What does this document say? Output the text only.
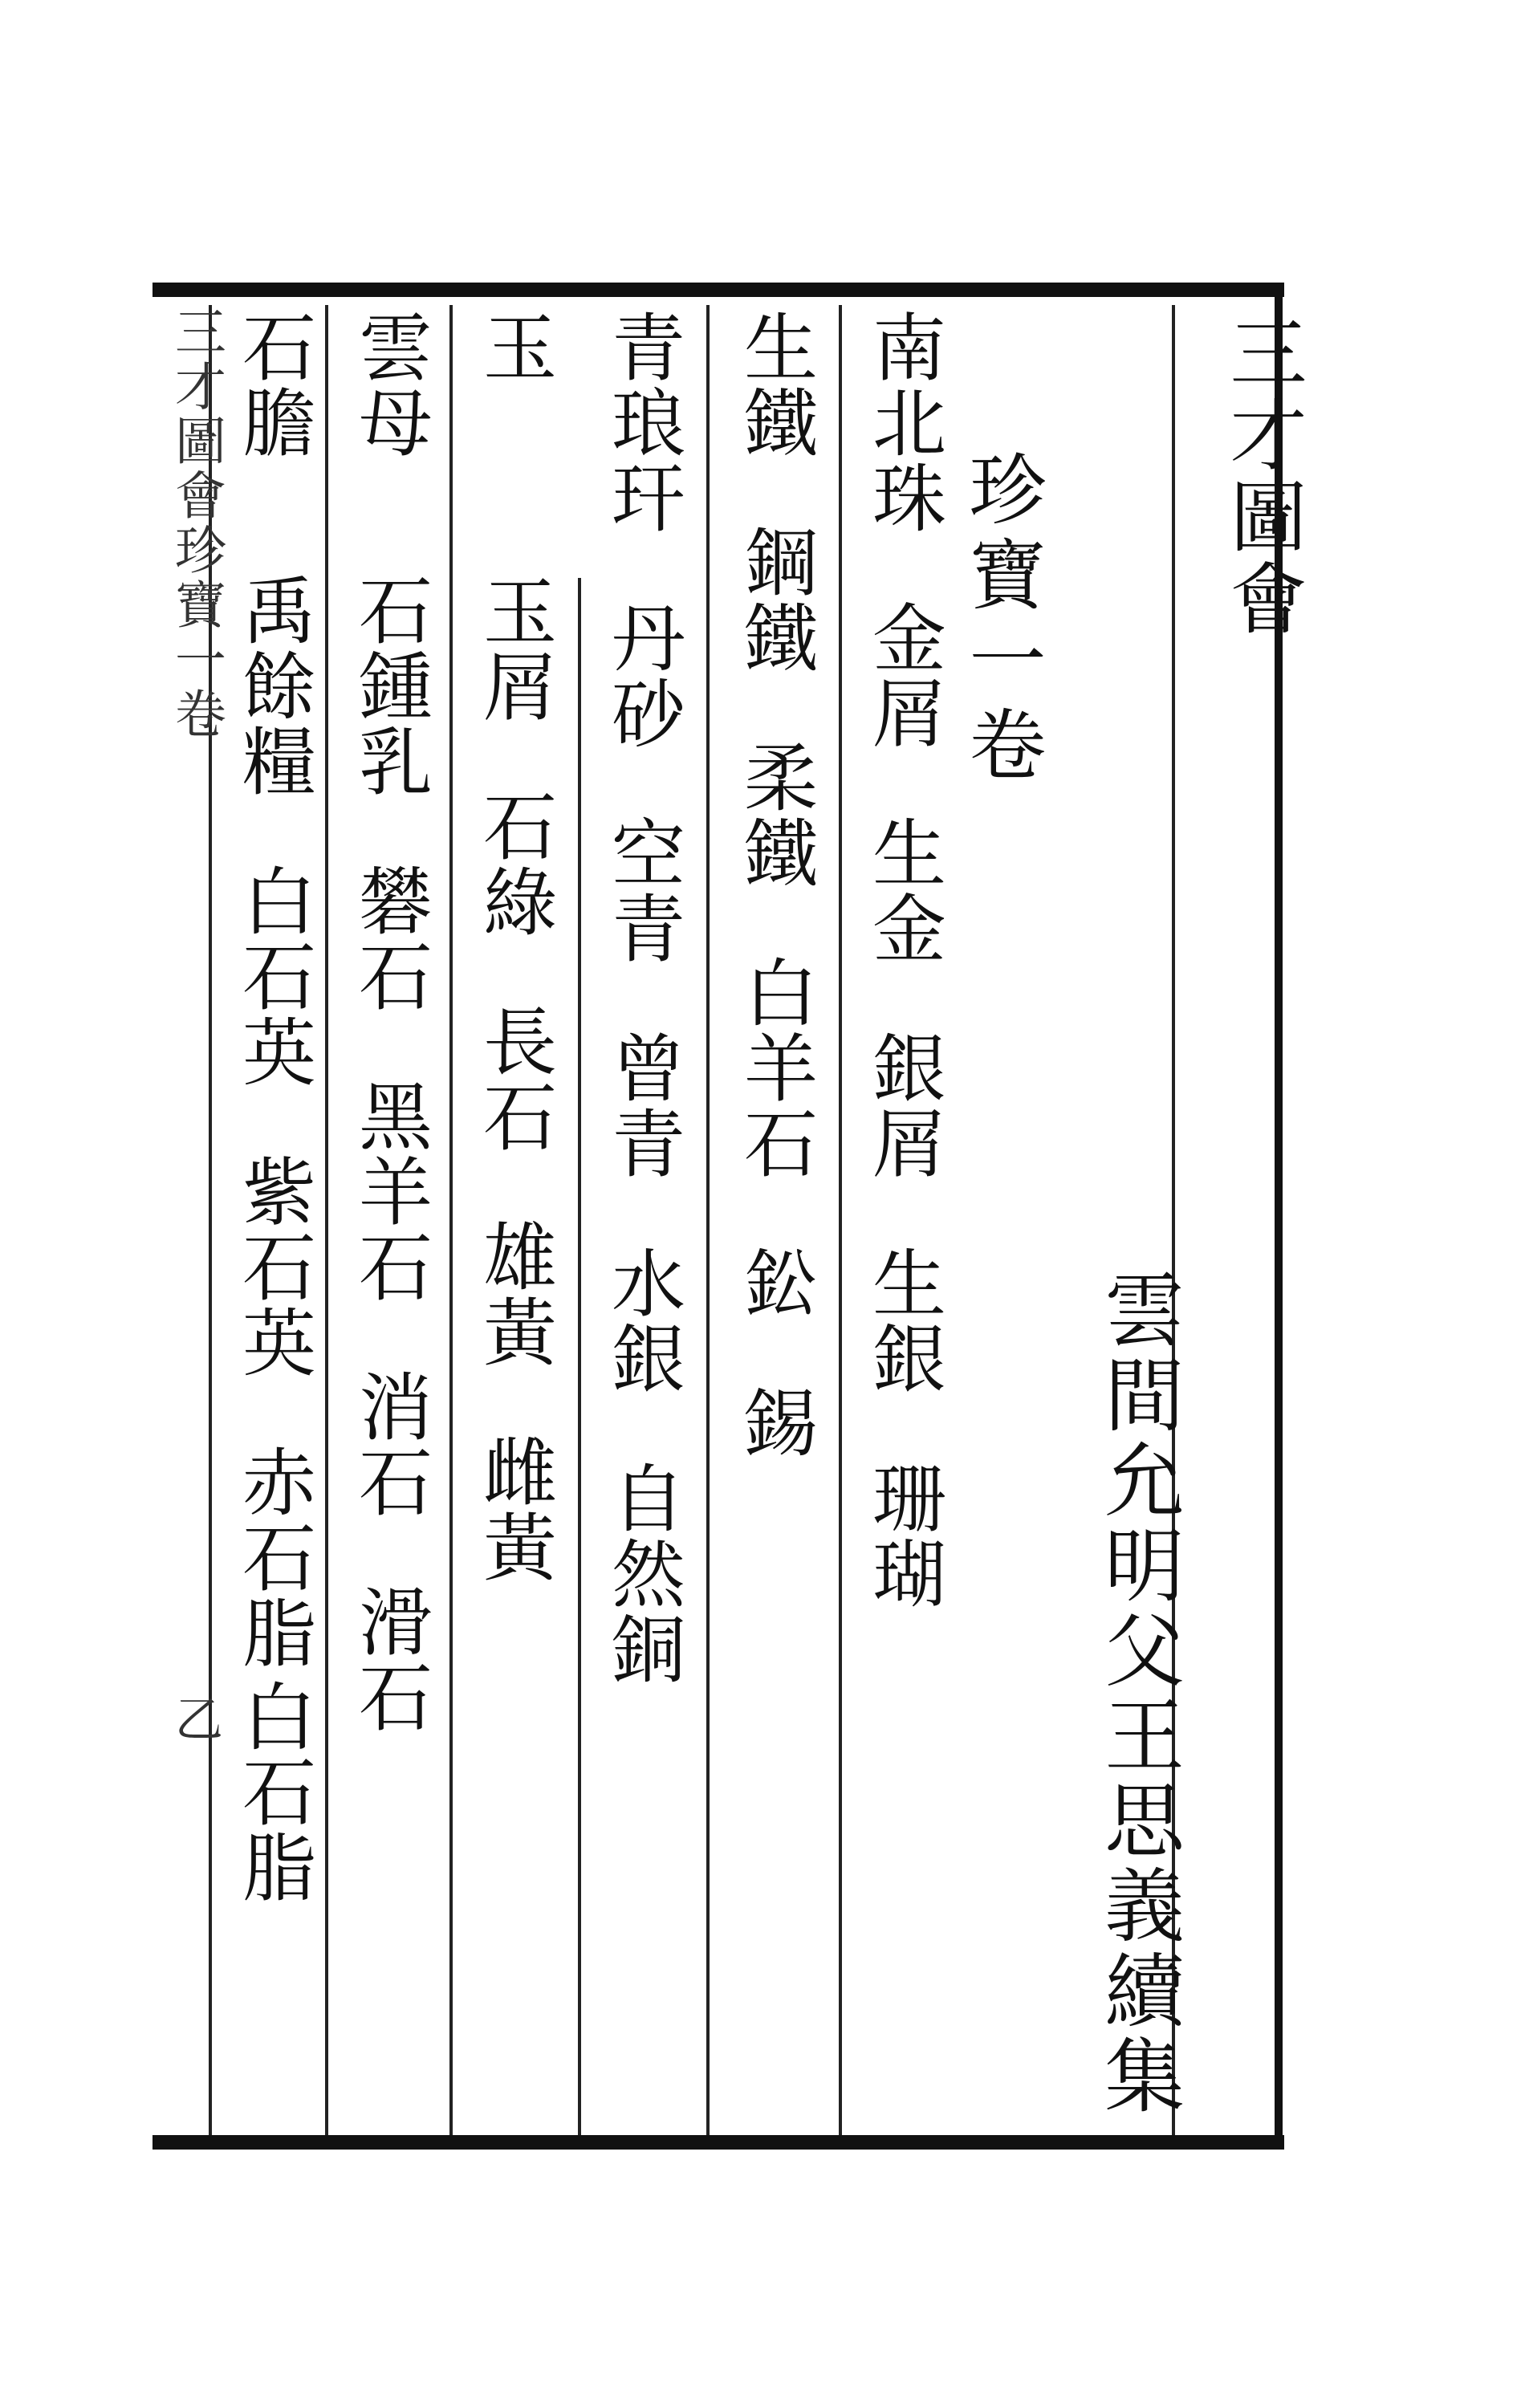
三才圖會
珍寶一卷
雲間允明父王思義續集
三才圖會珍寶一卷
乙
南北珠
金屑
生金
銀屑
生銀
珊瑚
生鐵
鋼鐵
柔鐵
白羊石
鈆
錫
青琅玕
丹砂
空青
曾青
水銀
自然銅
玉
玉屑
石綠
長石
雄黃
雌黃
雲母
石鍾乳
礬石
黑羊石
消石
滑石
石膽
禹餘糧
白石英
紫石英
赤石脂
白石脂
